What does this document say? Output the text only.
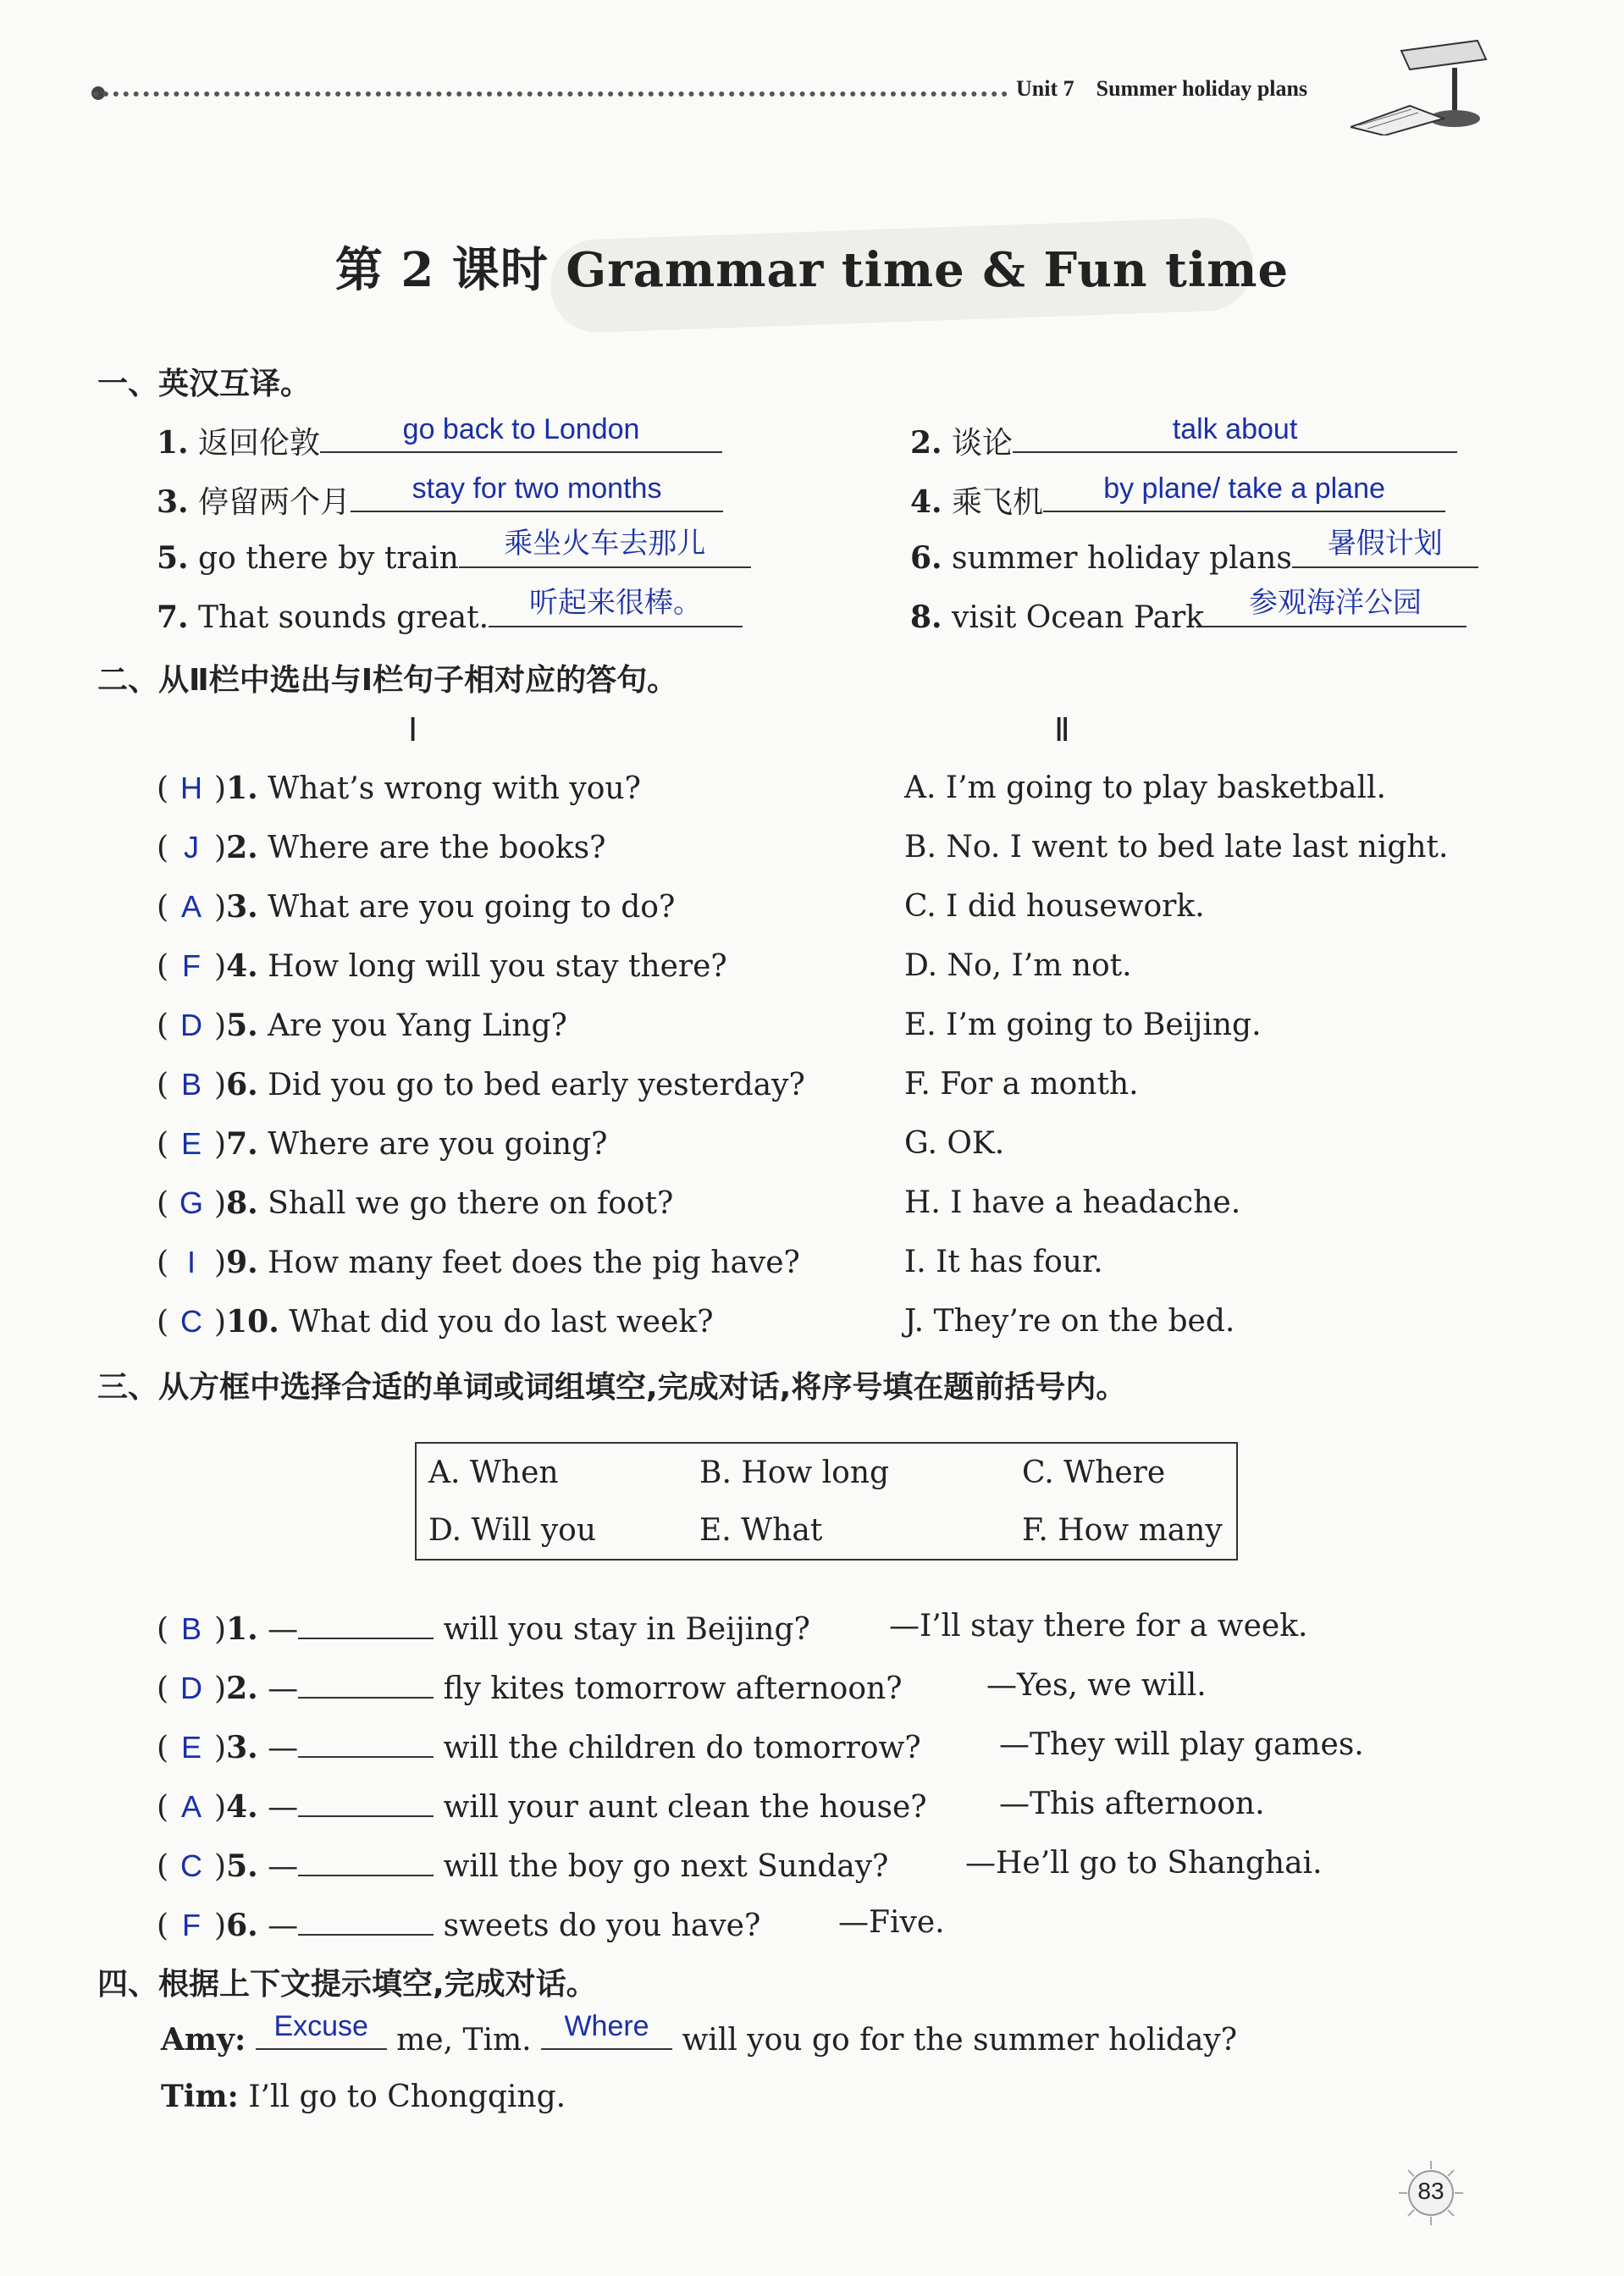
Unit 7 Summer holiday plans
第 2 课时 Grammar time & Fun time
一、英汉互译。
1. 返回伦敦	go back to London	2. 谈论	talk about
3. 停留两个月	stay for two months	4. 乘飞机	by plane/ take a plane
5. go there by train	乘坐火车去那儿	6. summer holiday plans	暑假计划
7. That sounds great.	听起来很棒。	8. visit Ocean Park	参观海洋公园
二、从Ⅱ栏中选出与Ⅰ栏句子相对应的答句。
Ⅰ	Ⅱ
( H )1. What’s wrong with you?	A. I’m going to play basketball.
( J )2. Where are the books?	B. No. I went to bed late last night.
( A )3. What are you going to do?	C. I did housework.
( F )4. How long will you stay there?	D. No, I’m not.
( D )5. Are you Yang Ling?	E. I’m going to Beijing.
( B )6. Did you go to bed early yesterday?	F. For a month.
( E )7. Where are you going?	G. OK.
( G )8. Shall we go there on foot?	H. I have a headache.
( I )9. How many feet does the pig have?	I. It has four.
( C )10. What did you do last week?	J. They’re on the bed.
三、从方框中选择合适的单词或词组填空,完成对话,将序号填在题前括号内。
A. When	B. How long	C. Where
D. Will you	E. What	F. How many
( B )1. —	will you stay in Beijing?	—I’ll stay there for a week.
( D )2. —	fly kites tomorrow afternoon?	—Yes, we will.
( E )3. —	will the children do tomorrow?	—They will play games.
( A )4. —	will your aunt clean the house? —This afternoon.
( C )5. —	will the boy go next Sunday?	—He’ll go to Shanghai.
( F )6. —	sweets do you have?	—Five.
四、根据上下文提示填空,完成对话。
Amy: Excuse me, Tim.	Where	will you go for the summer holiday?
Tim: I’ll go to Chongqing.
83
